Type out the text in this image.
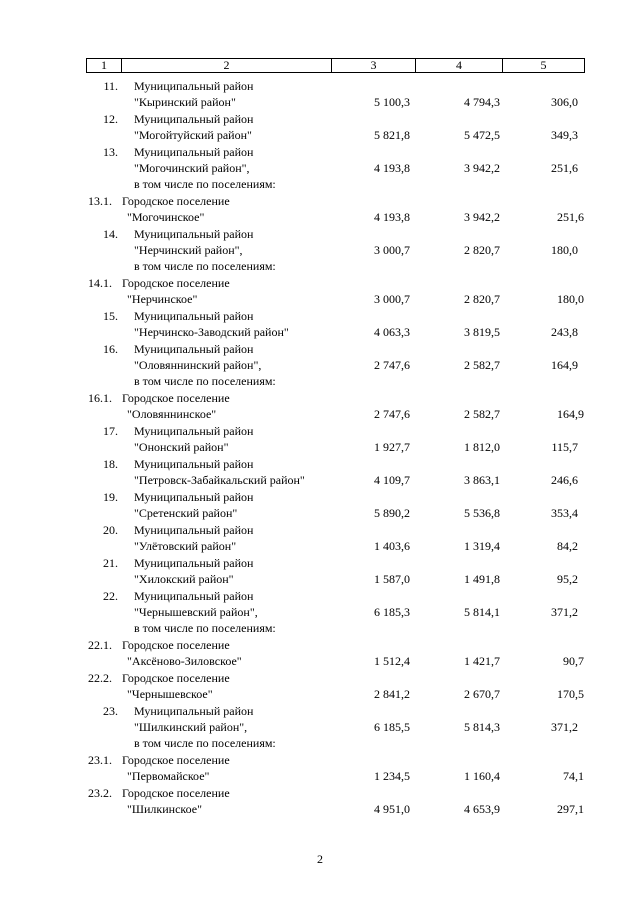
1	2	3	4	5
11. Муниципальный район
"Кыринский район"	5 100,3	4 794,3	306,0
12. Муниципальный район
"Могойтуйский район"	5 821,8	5 472,5	349,3
13. Муниципальный район
"Могочинский район",
в том числе по поселениям:
4 193,8	3 942,2	251,6
13.1. Городское поселение
"Могочинское"	4 193,8	3 942,2	251,6
14. Муниципальный район
"Нерчинский район",
в том числе по поселениям:
3 000,7	2 820,7	180,0
14.1. Городское поселение
"Нерчинское"	3 000,7	2 820,7	180,0
15. Муниципальный район
"Нерчинско-Заводский район"	4 063,3	3 819,5	243,8
16. Муниципальный район
"Оловяннинский район",
в том числе по поселениям:
2 747,6	2 582,7	164,9
16.1. Городское поселение
"Оловяннинское"	2 747,6	2 582,7	164,9
17. Муниципальный район
"Ононский район"	1 927,7	1 812,0	115,7
18. Муниципальный район
"Петровск-Забайкальский район"	4 109,7	3 863,1	246,6
19. Муниципальный район
"Сретенский район"	5 890,2	5 536,8	353,4
20. Муниципальный район
"Улётовский район"	1 403,6	1 319,4	84,2
21. Муниципальный район
"Хилокский район"	1 587,0	1 491,8	95,2
22. Муниципальный район
"Чернышевский район",
в том числе по поселениям:
6 185,3	5 814,1	371,2
22.1. Городское поселение
"Аксёново-Зиловское"	1 512,4	1 421,7	90,7
22.2. Городское поселение
"Чернышевское"	2 841,2	2 670,7	170,5
23. Муниципальный район
"Шилкинский район",
в том числе по поселениям:
6 185,5	5 814,3	371,2
23.1. Городское поселение
"Первомайское"	1 234,5	1 160,4	74,1
23.2. Городское поселение
"Шилкинское"	4 951,0	4 653,9	297,1
2
